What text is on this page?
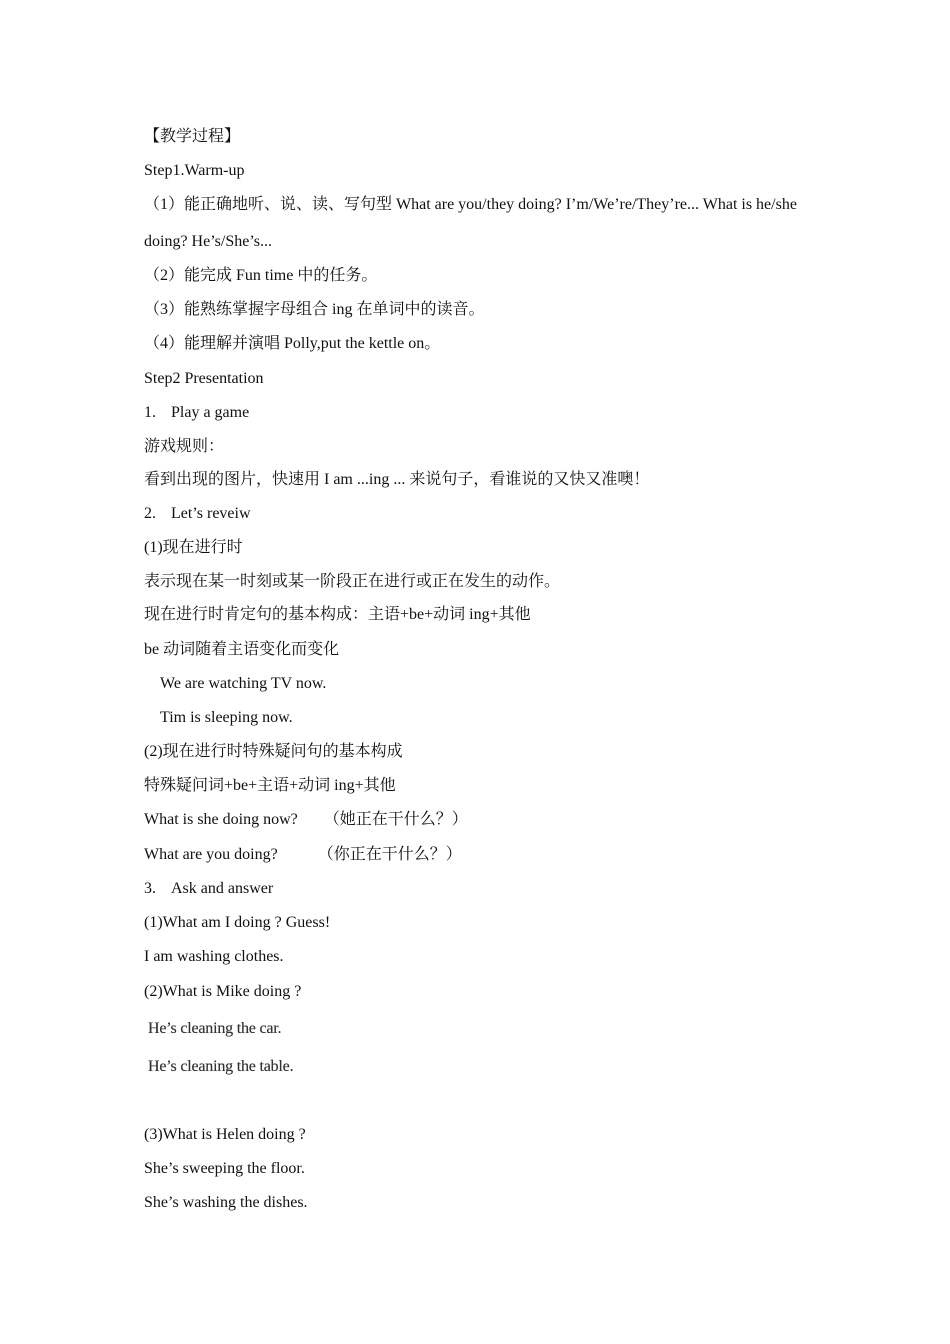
【教学过程】
Step1.Warm-up
（1）能正确地听、说、读、写句型 What are you/they doing? I’m/We’re/They’re... What is he/she
doing? He’s/She’s...
（2）能完成 Fun time 中的任务。
（3）能熟练掌握字母组合 ing 在单词中的读音。
（4）能理解并演唱 Polly,put the kettle on。
Step2 Presentation
1. Play a game
游戏规则：
看到出现的图片，快速用 I am ...ing ... 来说句子，看谁说的又快又准噢！
2. Let’s reveiw
(1)现在进行时
表示现在某一时刻或某一阶段正在进行或正在发生的动作。
现在进行时肯定句的基本构成：主语+be+动词 ing+其他
be 动词随着主语变化而变化
We are watching TV now.
Tim is sleeping now.
(2)现在进行时特殊疑问句的基本构成
特殊疑问词+be+主语+动词 ing+其他
What is she doing now? （她正在干什么？）
What are you doing?	（你正在干什么？）
3. Ask and answer
(1)What am I doing ? Guess!
I am washing clothes.
(2)What is Mike doing ?
He’s cleaning the car.
He’s cleaning the table.
(3)What is Helen doing ?
She’s sweeping the floor.
She’s washing the dishes.
